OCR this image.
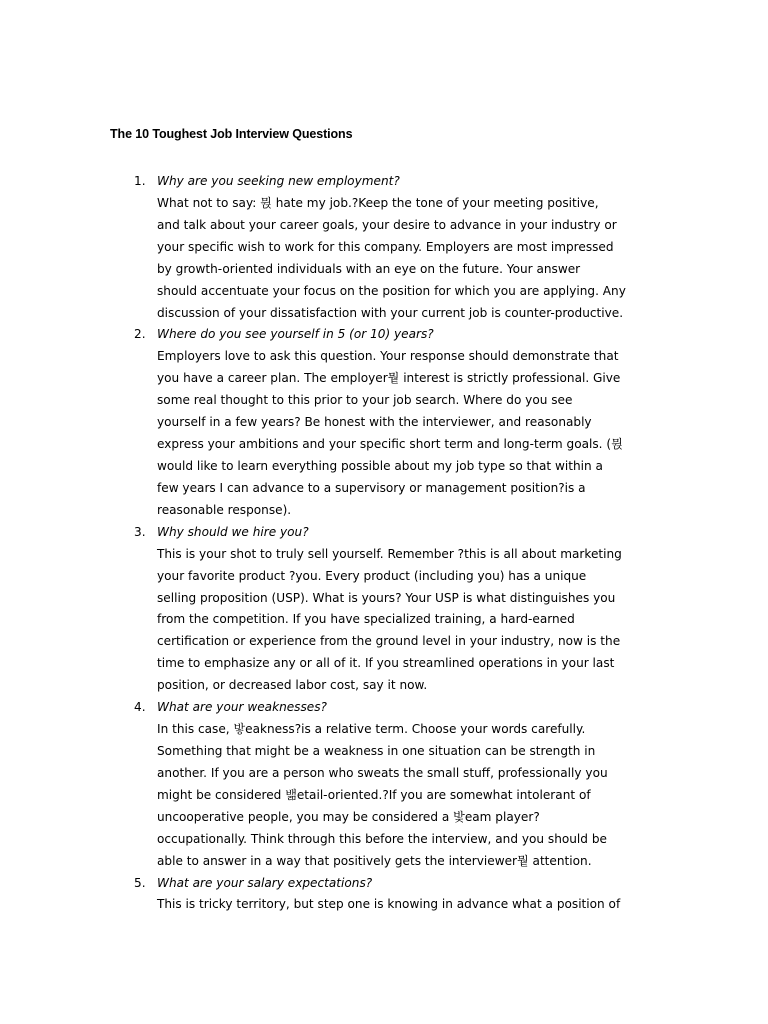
The 10 Toughest Job Interview Questions
1. Why are you seeking new employment?
What not to say: 뮍 hate my job.?Keep the tone of your meeting positive,
and talk about your career goals, your desire to advance in your industry or
your specific wish to work for this company. Employers are most impressed
by growth-oriented individuals with an eye on the future. Your answer
should accentuate your focus on the position for which you are applying. Any
discussion of your dissatisfaction with your current job is counter-productive.
2. Where do you see yourself in 5 (or 10) years?
Employers love to ask this question. Your response should demonstrate that
you have a career plan. The employer뭩 interest is strictly professional. Give
some real thought to this prior to your job search. Where do you see
yourself in a few years? Be honest with the interviewer, and reasonably
express your ambitions and your specific short term and long-term goals. (뮍
would like to learn everything possible about my job type so that within a
few years I can advance to a supervisory or management position?is a
reasonable response).
3. Why should we hire you?
This is your shot to truly sell yourself. Remember ?this is all about marketing
your favorite product ?you. Every product (including you) has a unique
selling proposition (USP). What is yours? Your USP is what distinguishes you
from the competition. If you have specialized training, a hard-earned
certification or experience from the ground level in your industry, now is the
time to emphasize any or all of it. If you streamlined operations in your last
position, or decreased labor cost, say it now.
4. What are your weaknesses?
In this case, 밯eakness?is a relative term. Choose your words carefully.
Something that might be a weakness in one situation can be strength in
another. If you are a person who sweats the small stuff, professionally you
might be considered 밺etail-oriented.?If you are somewhat intolerant of
uncooperative people, you may be considered a 밫eam player?
occupationally. Think through this before the interview, and you should be
able to answer in a way that positively gets the interviewer뭩 attention.
5. What are your salary expectations?
This is tricky territory, but step one is knowing in advance what a position of
